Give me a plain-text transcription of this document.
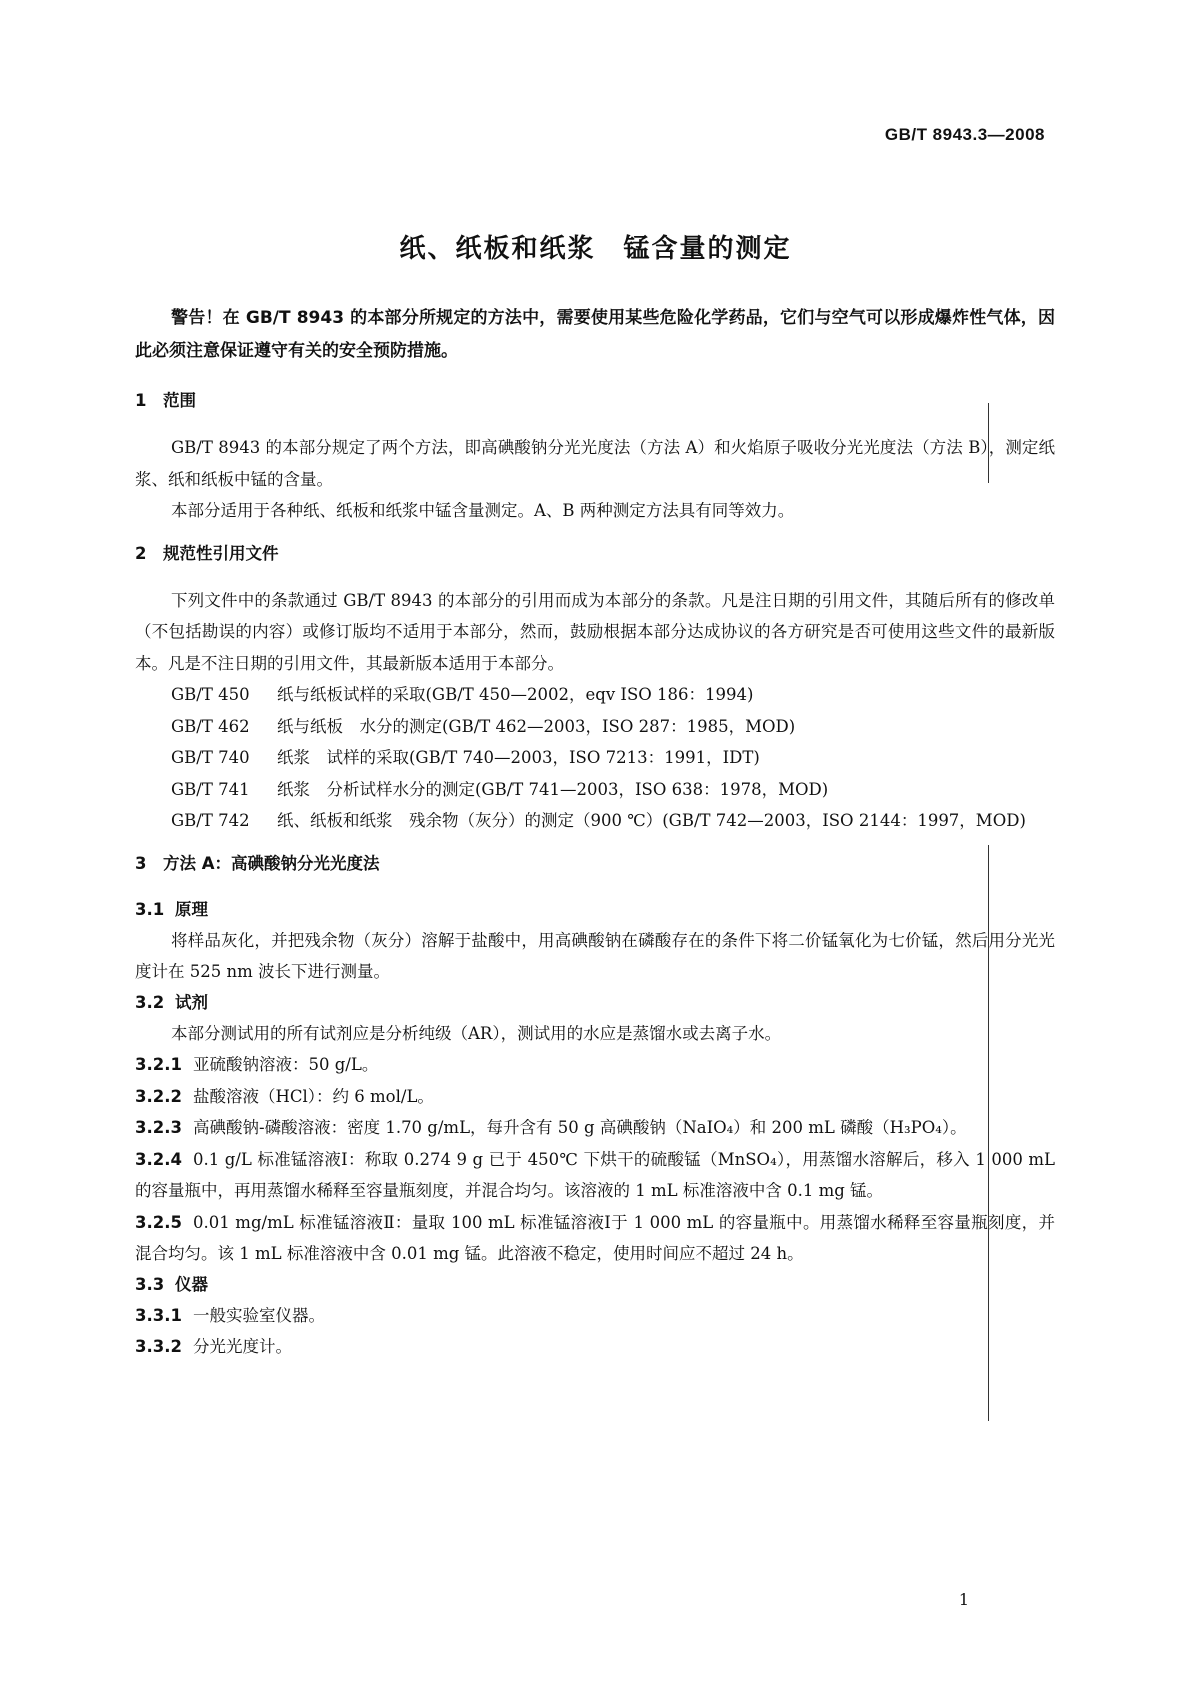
GB/T 8943.3—2008
纸、纸板和纸浆　锰含量的测定

警告！在 GB/T 8943 的本部分所规定的方法中，需要使用某些危险化学药品，它们与空气可以形成爆炸性气体，因此必须注意保证遵守有关的安全预防措施。

1 范围

GB/T 8943 的本部分规定了两个方法，即高碘酸钠分光光度法（方法 A）和火焰原子吸收分光光度法（方法 B），测定纸浆、纸和纸板中锰的含量。

本部分适用于各种纸、纸板和纸浆中锰含量测定。A、B 两种测定方法具有同等效力。

2 规范性引用文件

下列文件中的条款通过 GB/T 8943 的本部分的引用而成为本部分的条款。凡是注日期的引用文件，其随后所有的修改单（不包括勘误的内容）或修订版均不适用于本部分，然而，鼓励根据本部分达成协议的各方研究是否可使用这些文件的最新版本。凡是不注日期的引用文件，其最新版本适用于本部分。

GB/T 450 纸与纸板试样的采取(GB/T 450—2002，eqv ISO 186：1994)

GB/T 462 纸与纸板　水分的测定(GB/T 462—2003，ISO 287：1985，MOD)

GB/T 740 纸浆　试样的采取(GB/T 740—2003，ISO 7213：1991，IDT)

GB/T 741 纸浆　分析试样水分的测定(GB/T 741—2003，ISO 638：1978，MOD)

GB/T 742 纸、纸板和纸浆　残余物（灰分）的测定（900 ℃）(GB/T 742—2003，ISO 2144：1997，MOD)

3 方法 A：高碘酸钠分光光度法
3.1 原理

将样品灰化，并把残余物（灰分）溶解于盐酸中，用高碘酸钠在磷酸存在的条件下将二价锰氧化为七价锰，然后用分光光度计在 525 nm 波长下进行测量。

3.2 试剂

本部分测试用的所有试剂应是分析纯级（AR），测试用的水应是蒸馏水或去离子水。

3.2.1 亚硫酸钠溶液：50 g/L。

3.2.2 盐酸溶液（HCl）：约 6 mol/L。

3.2.3 高碘酸钠-磷酸溶液：密度 1.70 g/mL，每升含有 50 g 高碘酸钠（NaIO₄）和 200 mL 磷酸（H₃PO₄）。

3.2.4 0.1 g/L 标准锰溶液Ⅰ：称取 0.274 9 g 已于 450℃ 下烘干的硫酸锰（MnSO₄），用蒸馏水溶解后，移入 1 000 mL 的容量瓶中，再用蒸馏水稀释至容量瓶刻度，并混合均匀。该溶液的 1 mL 标准溶液中含 0.1 mg 锰。

3.2.5 0.01 mg/mL 标准锰溶液Ⅱ：量取 100 mL 标准锰溶液Ⅰ于 1 000 mL 的容量瓶中。用蒸馏水稀释至容量瓶刻度，并混合均匀。该 1 mL 标准溶液中含 0.01 mg 锰。此溶液不稳定，使用时间应不超过 24 h。

3.3 仪器

3.3.1 一般实验室仪器。

3.3.2 分光光度计。

1
